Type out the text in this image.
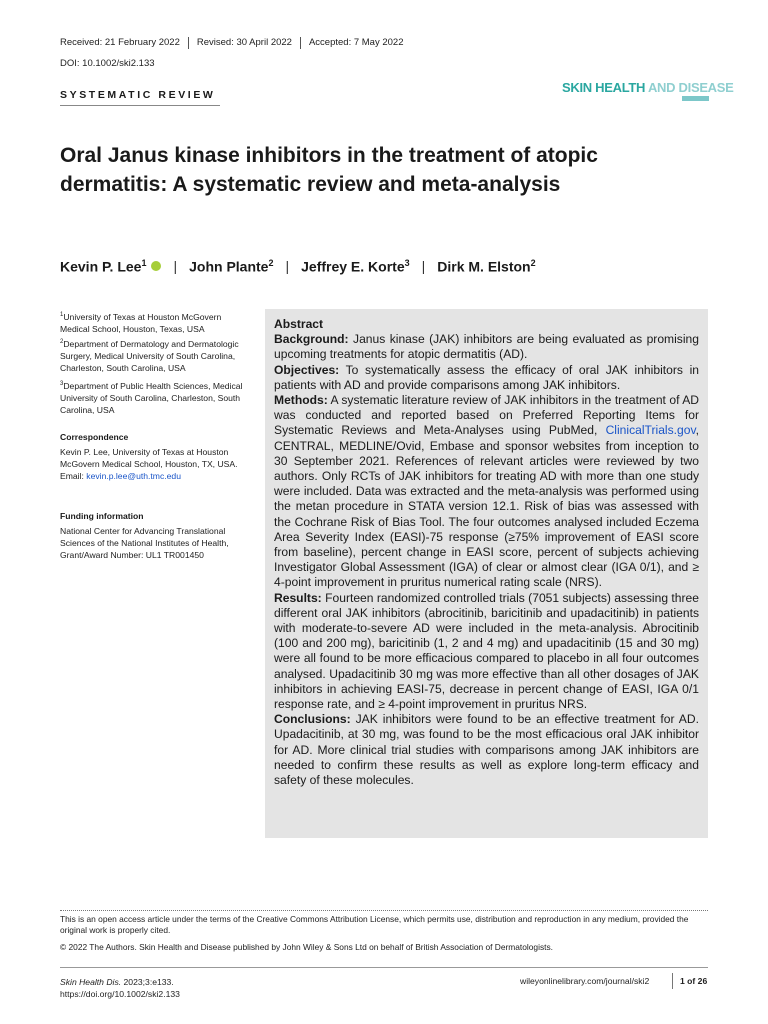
Received: 21 February 2022	Revised: 30 April 2022	Accepted: 7 May 2022
DOI: 10.1002/ski2.133
SYSTEMATIC REVIEW	SKIN HEALTH AND DISEASE
Oral Janus kinase inhibitors in the treatment of atopic dermatitis: A systematic review and meta-analysis
Kevin P. Lee$^1$ | John Plante$^2$ | Jeffrey E. Korte$^3$ | Dirk M. Elston$^2$
$^1$University of Texas at Houston McGovern Medical School, Houston, Texas, USA
$^2$Department of Dermatology and Dermatologic Surgery, Medical University of South Carolina, Charleston, South Carolina, USA
$^3$Department of Public Health Sciences, Medical University of South Carolina, Charleston, South Carolina, USA
Correspondence
Kevin P. Lee, University of Texas at Houston McGovern Medical School, Houston, TX, USA.
Email: kevin.p.lee@uth.tmc.edu
Funding information
National Center for Advancing Translational Sciences of the National Institutes of Health, Grant/Award Number: UL1 TR001450

Abstract

Background: Janus kinase (JAK) inhibitors are being evaluated as promising upcoming treatments for atopic dermatitis (AD).

Objectives: To systematically assess the efficacy of oral JAK inhibitors in patients with AD and provide comparisons among JAK inhibitors.

Methods: A systematic literature review of JAK inhibitors in the treatment of AD was conducted and reported based on Preferred Reporting Items for Systematic Reviews and Meta-Analyses using PubMed, ClinicalTrials.gov, CENTRAL, MEDLINE/Ovid, Embase and sponsor websites from inception to 30 September 2021. References of relevant articles were reviewed by two authors. Only RCTs of JAK inhibitors for treating AD with more than one study were included. Data was extracted and the meta-analysis was performed using the metan procedure in STATA version 12.1. Risk of bias was assessed with the Cochrane Risk of Bias Tool. The four outcomes analysed included Eczema Area Severity Index (EASI)-75 response (≥75% improvement of EASI score from baseline), percent change in EASI score, percent of subjects achieving Investigator Global Assessment (IGA) of clear or almost clear (IGA 0/1), and ≥ 4-point improvement in pruritus numerical rating scale (NRS).

Results: Fourteen randomized controlled trials (7051 subjects) assessing three different oral JAK inhibitors (abrocitinib, baricitinib and upadacitinib) in patients with moderate-to-severe AD were included in the meta-analysis. Abrocitinib (100 and 200 mg), baricitinib (1, 2 and 4 mg) and upadacitinib (15 and 30 mg) were all found to be more efficacious compared to placebo in all four outcomes analysed. Upadacitinib 30 mg was more effective than all other dosages of JAK inhibitors in achieving EASI-75, decrease in percent change of EASI, IGA 0/1 response rate, and ≥ 4-point improvement in pruritus NRS.

Conclusions: JAK inhibitors were found to be an effective treatment for AD. Upadacitinib, at 30 mg, was found to be the most efficacious oral JAK inhibitor for AD. More clinical trial studies with comparisons among JAK inhibitors are needed to confirm these results as well as explore long-term efficacy and safety of these molecules.

This is an open access article under the terms of the Creative Commons Attribution License, which permits use, distribution and reproduction in any medium, provided the original work is properly cited.
© 2022 The Authors. Skin Health and Disease published by John Wiley & Sons Ltd on behalf of British Association of Dermatologists.
Skin Health Dis. 2023;3:e133.
https://doi.org/10.1002/ski2.133
wileyonlinelibrary.com/journal/ski2	1 of 26
